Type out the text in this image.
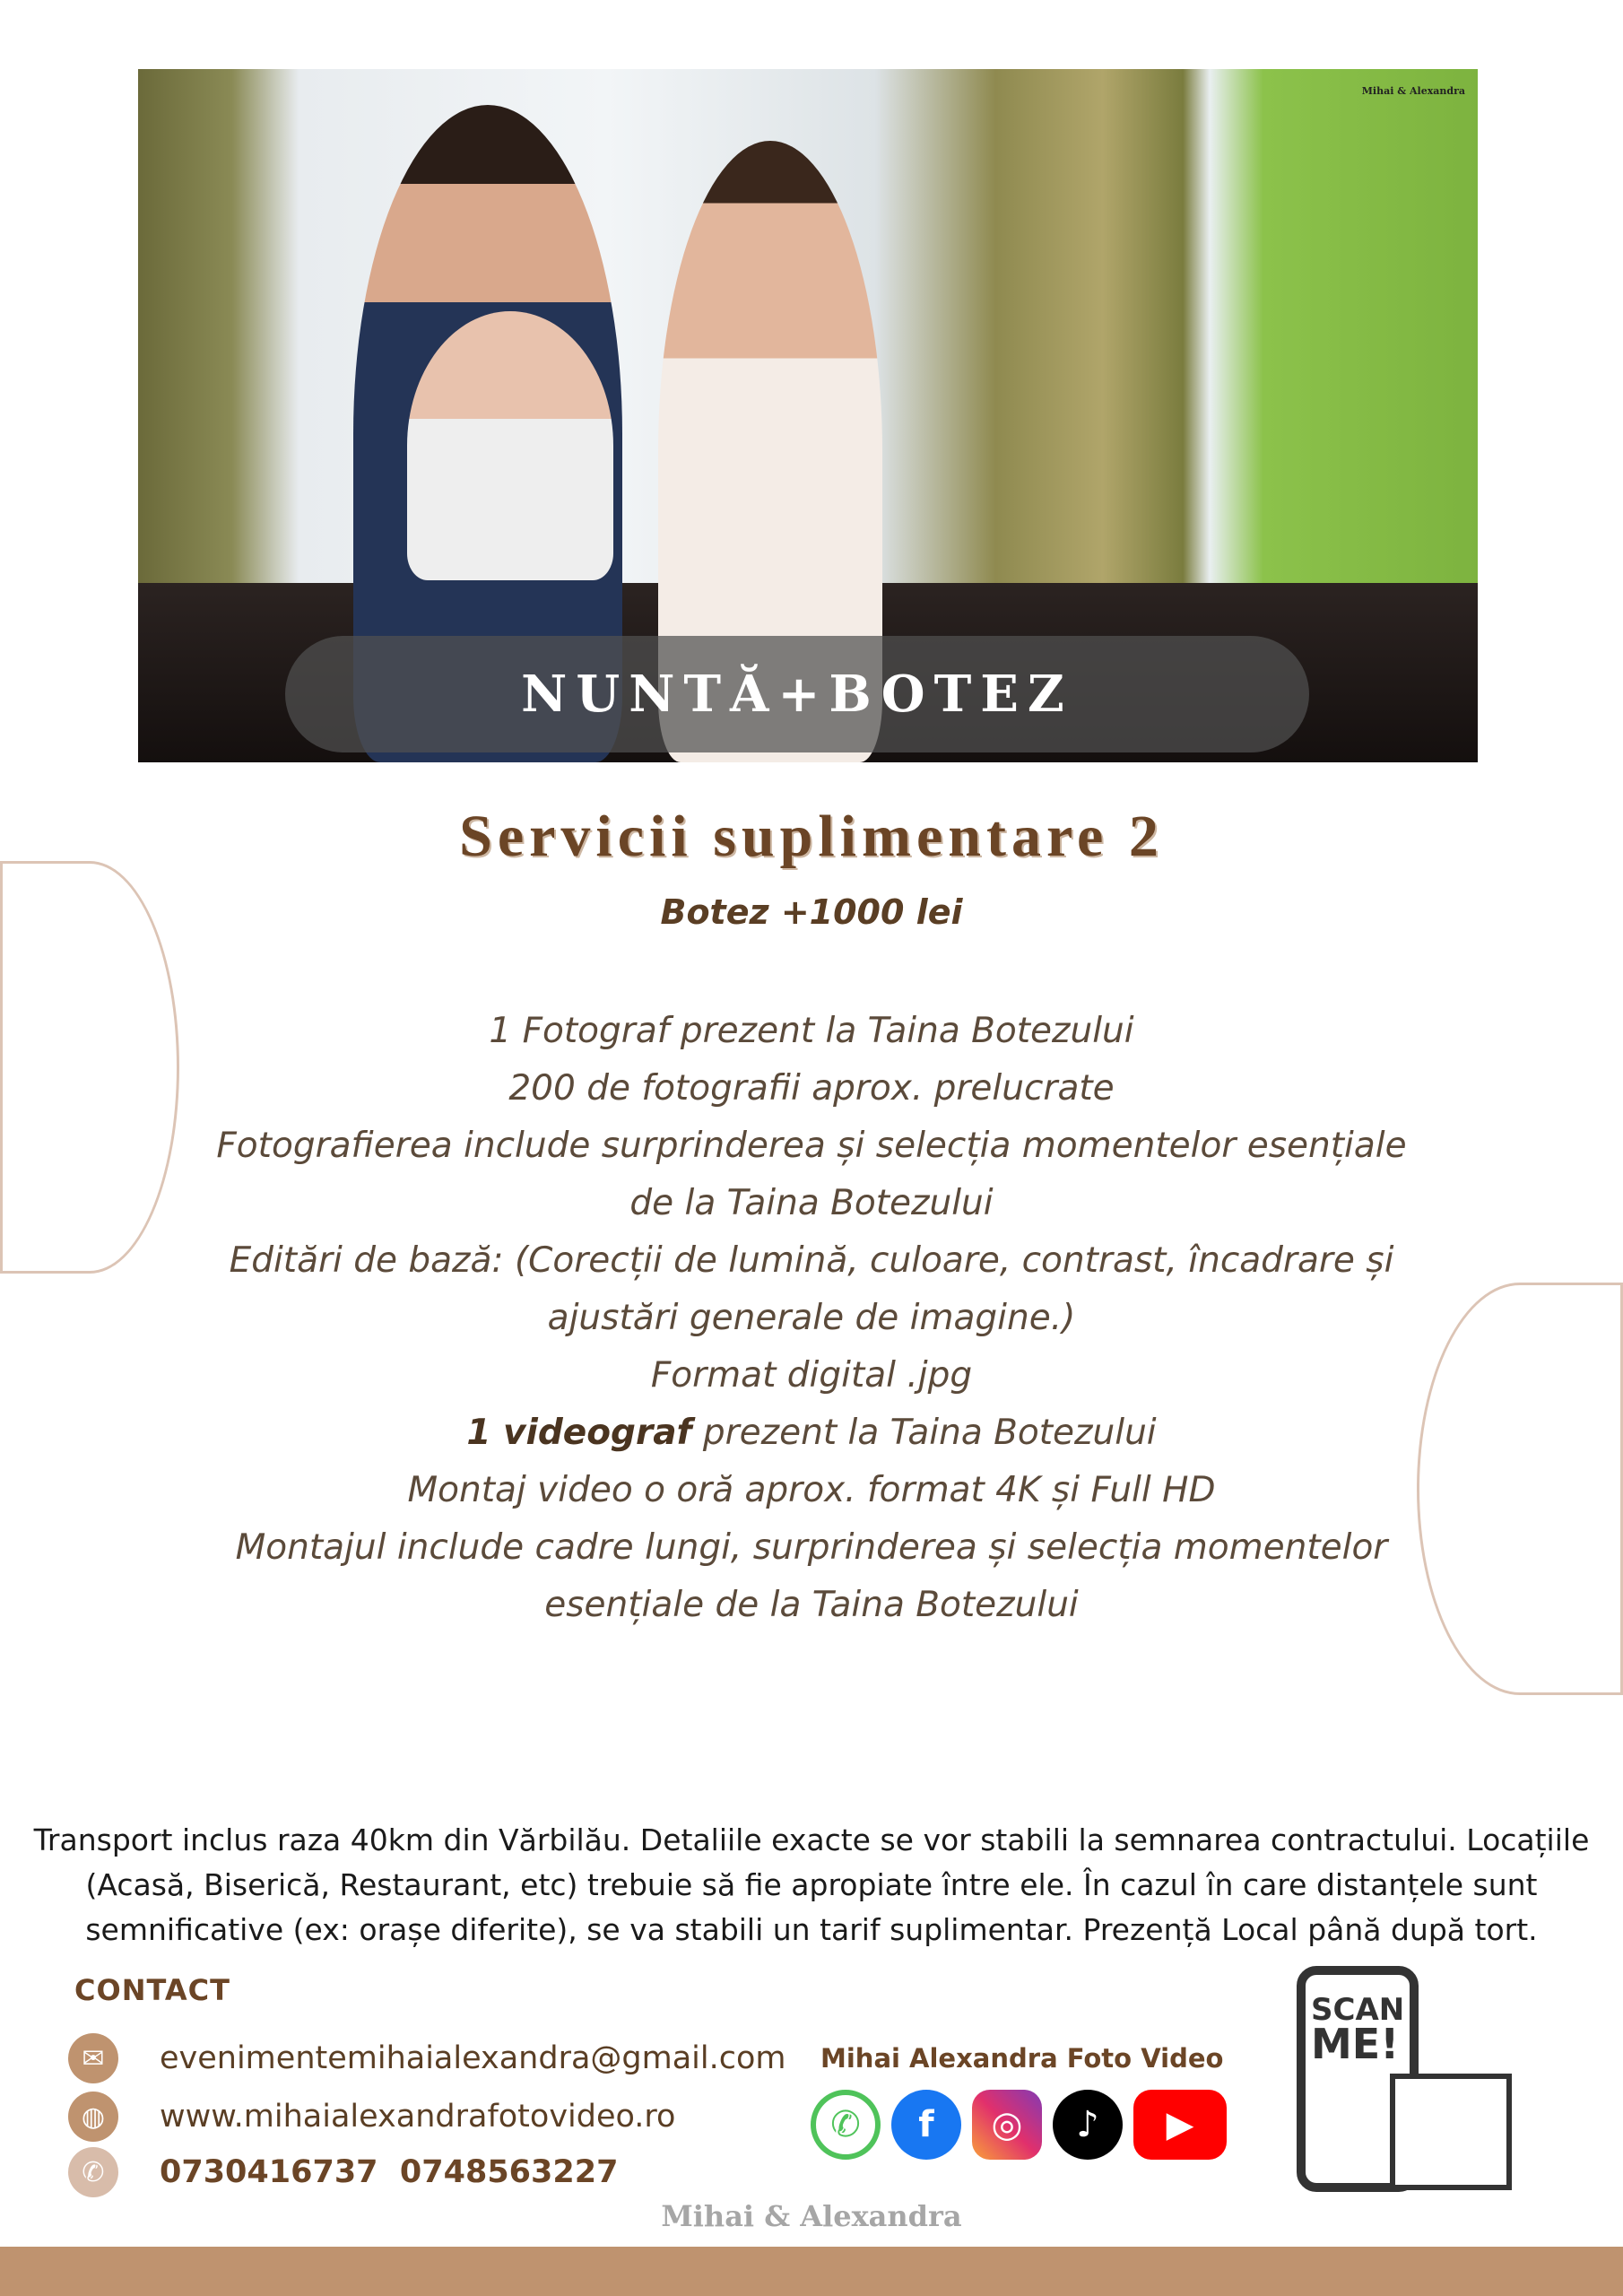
Mihai & Alexandra
NUNTĂ+BOTEZ
Servicii suplimentare 2
Botez +1000 lei
1 Fotograf prezent la Taina Botezului
200 de fotografii aprox. prelucrate
Fotografierea include surprinderea și selecția momentelor esențiale
de la Taina Botezului
Editări de bază: (Corecții de lumină, culoare, contrast, încadrare și
ajustări generale de imagine.)
Format digital .jpg
1 videograf prezent la Taina Botezului
Montaj video o oră aprox. format 4K și Full HD
Montajul include cadre lungi, surprinderea și selecția momentelor
esențiale de la Taina Botezului
Transport inclus raza 40km din Vărbilău. Detaliile exacte se vor stabili la semnarea contractului. Locațiile (Acasă, Biserică, Restaurant, etc) trebuie să fie apropiate între ele. În cazul în care distanțele sunt semnificative (ex: orașe diferite), se va stabili un tarif suplimentar. Prezență Local până după tort.
CONTACT
✉	evenimentemihaialexandra@gmail.com
◍	www.mihaialexandrafotovideo.ro
✆	0730416737 0748563227
Mihai Alexandra Foto Video
✆	f	◎	♪	▶
SCAN
ME!
Mihai & Alexandra
